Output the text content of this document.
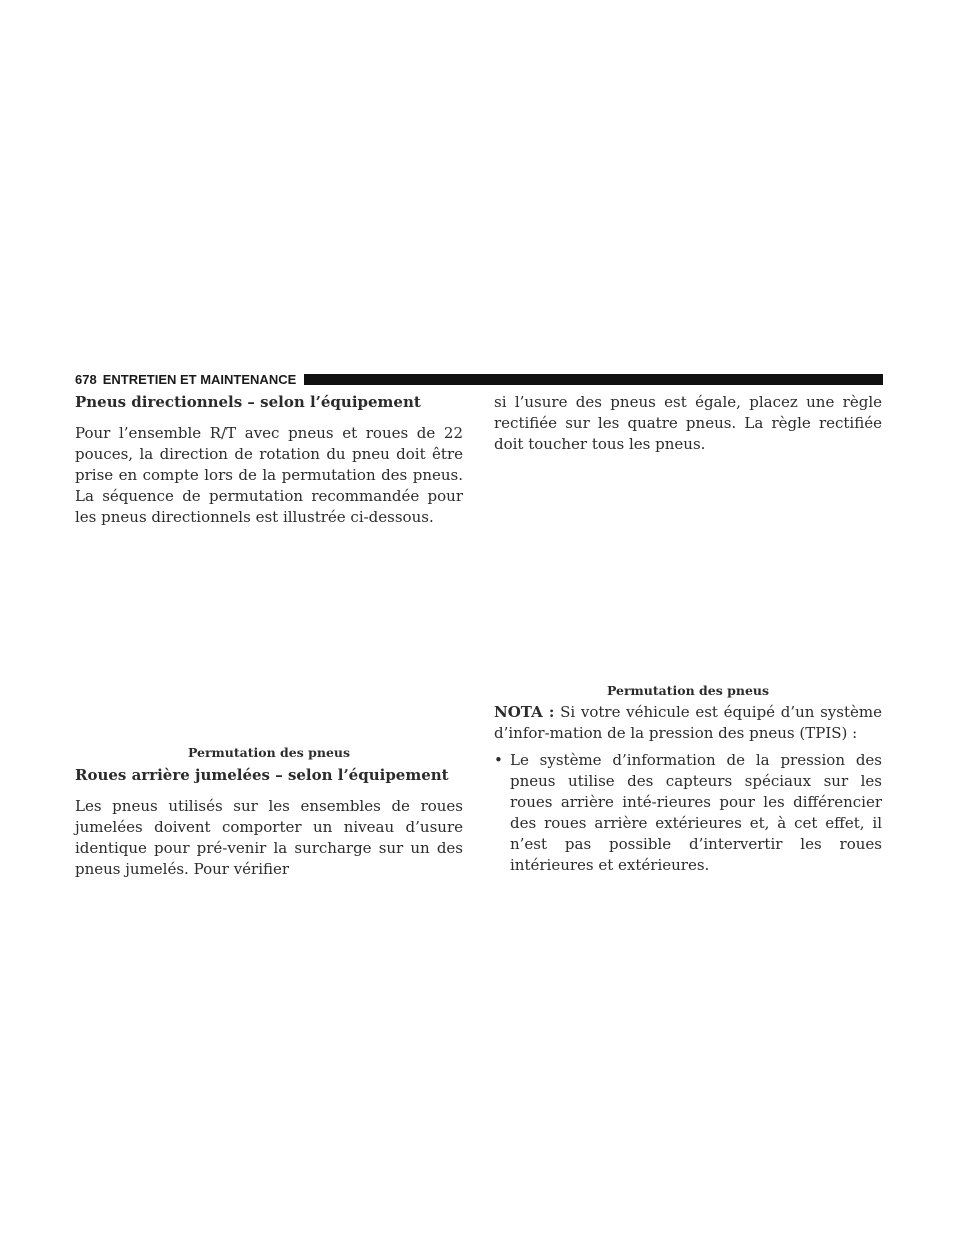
678 ENTRETIEN ET MAINTENANCE
Pneus directionnels – selon l’équipement

Pour l’ensemble R/T avec pneus et roues de 22 pouces, la direction de rotation du pneu doit être prise en compte lors de la permutation des pneus. La séquence de permutation recommandée pour les pneus directionnels est illustrée ci-dessous.

Permutation des pneus
Roues arrière jumelées – selon l’équipement

Les pneus utilisés sur les ensembles de roues jumelées doivent comporter un niveau d’usure identique pour pré-venir la surcharge sur un des pneus jumelés. Pour vérifier

si l’usure des pneus est égale, placez une règle rectifiée sur les quatre pneus. La règle rectifiée doit toucher tous les pneus.

Permutation des pneus

NOTA : Si votre véhicule est équipé d’un système d’infor-mation de la pression des pneus (TPIS) :

• Le système d’information de la pression des pneus utilise des capteurs spéciaux sur les roues arrière inté-rieures pour les différencier des roues arrière extérieures et, à cet effet, il n’est pas possible d’intervertir les roues intérieures et extérieures.
